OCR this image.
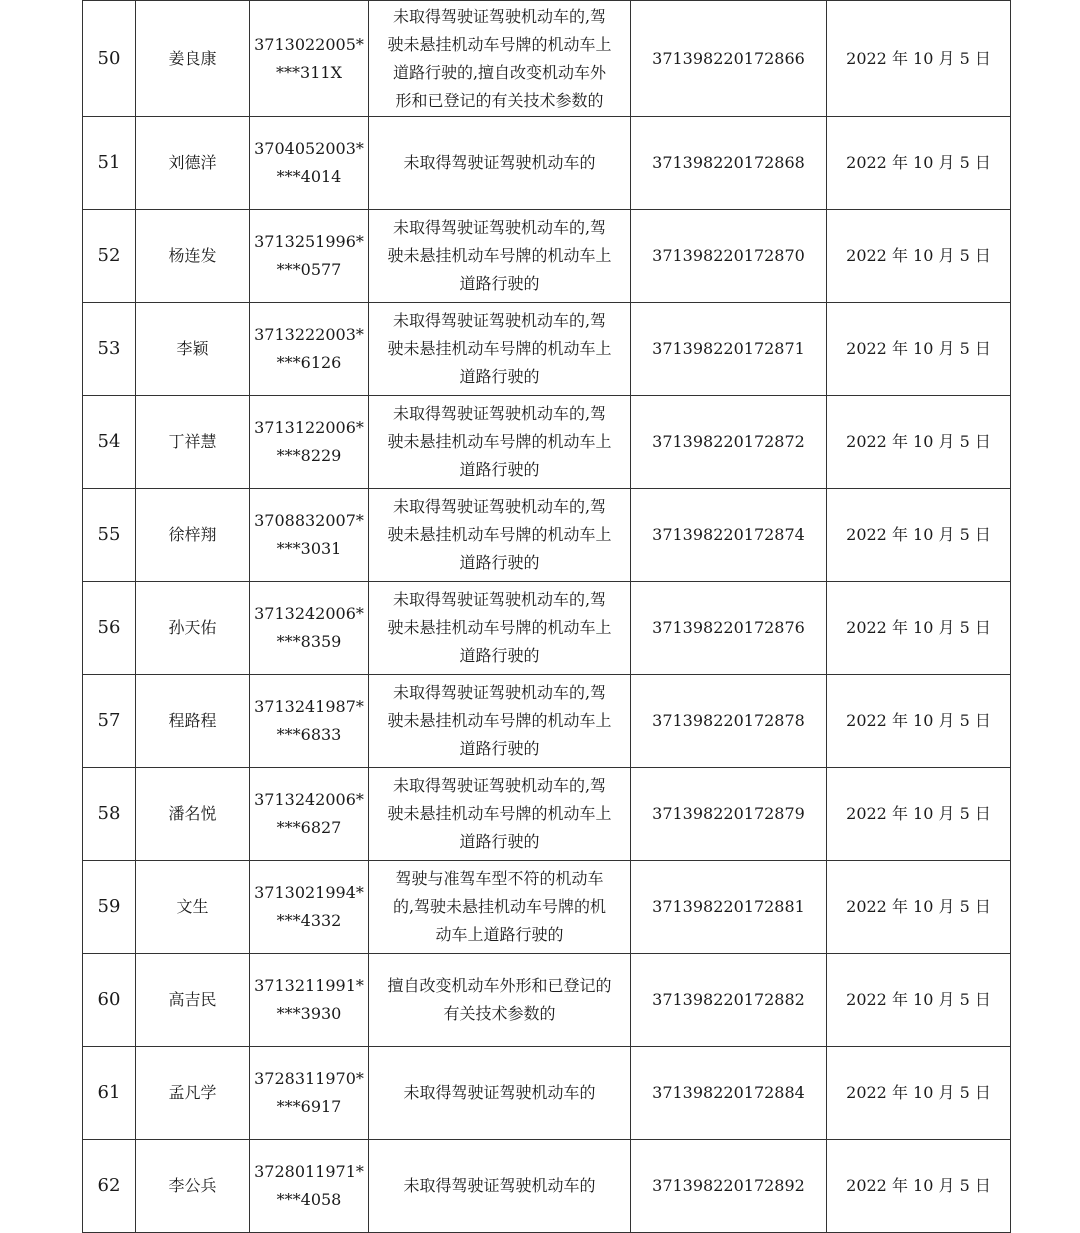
50	姜良康	3713022005*
***311X	未取得驾驶证驾驶机动车的,驾
驶未悬挂机动车号牌的机动车上
道路行驶的,擅自改变机动车外
形和已登记的有关技术参数的	371398220172866	2022 年 10 月 5 日
51	刘德洋	3704052003*
***4014	未取得驾驶证驾驶机动车的	371398220172868	2022 年 10 月 5 日
52	杨连发	3713251996*
***0577	未取得驾驶证驾驶机动车的,驾
驶未悬挂机动车号牌的机动车上
道路行驶的	371398220172870	2022 年 10 月 5 日
53	李颖	3713222003*
***6126	未取得驾驶证驾驶机动车的,驾
驶未悬挂机动车号牌的机动车上
道路行驶的	371398220172871	2022 年 10 月 5 日
54	丁祥慧	3713122006*
***8229	未取得驾驶证驾驶机动车的,驾
驶未悬挂机动车号牌的机动车上
道路行驶的	371398220172872	2022 年 10 月 5 日
55	徐梓翔	3708832007*
***3031	未取得驾驶证驾驶机动车的,驾
驶未悬挂机动车号牌的机动车上
道路行驶的	371398220172874	2022 年 10 月 5 日
56	孙天佑	3713242006*
***8359	未取得驾驶证驾驶机动车的,驾
驶未悬挂机动车号牌的机动车上
道路行驶的	371398220172876	2022 年 10 月 5 日
57	程路程	3713241987*
***6833	未取得驾驶证驾驶机动车的,驾
驶未悬挂机动车号牌的机动车上
道路行驶的	371398220172878	2022 年 10 月 5 日
58	潘名悦	3713242006*
***6827	未取得驾驶证驾驶机动车的,驾
驶未悬挂机动车号牌的机动车上
道路行驶的	371398220172879	2022 年 10 月 5 日
59	文生	3713021994*
***4332	驾驶与准驾车型不符的机动车
的,驾驶未悬挂机动车号牌的机
动车上道路行驶的	371398220172881	2022 年 10 月 5 日
60	高吉民	3713211991*
***3930	擅自改变机动车外形和已登记的
有关技术参数的	371398220172882	2022 年 10 月 5 日
61	孟凡学	3728311970*
***6917	未取得驾驶证驾驶机动车的	371398220172884	2022 年 10 月 5 日
62	李公兵	3728011971*
***4058	未取得驾驶证驾驶机动车的	371398220172892	2022 年 10 月 5 日
